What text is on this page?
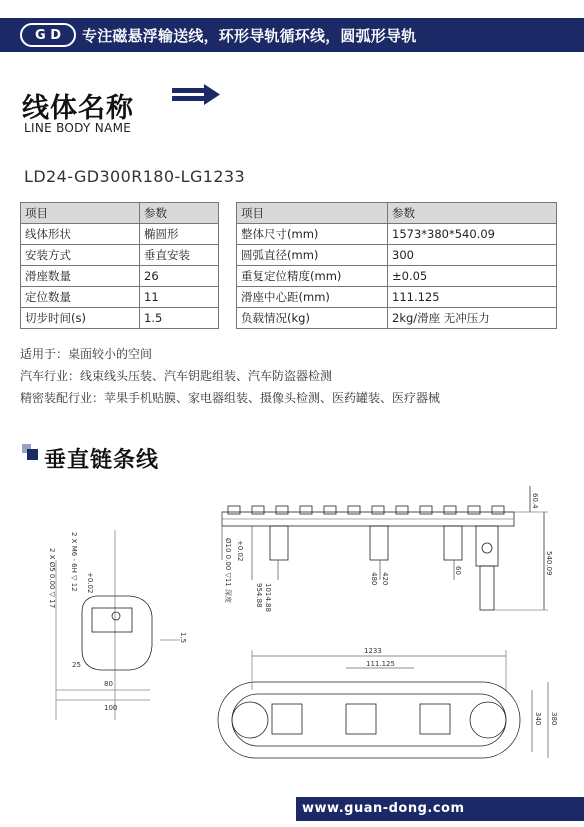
G D 专注磁悬浮输送线，环形导轨循环线，圆弧形导轨
线体名称
LINE BODY NAME
LD24-GD300R180-LG1233
项目	参数
线体形状	椭圆形
安装方式	垂直安装
滑座数量	26
定位数量	11
切步时间(s)	1.5
项目	参数
整体尺寸(mm)	1573*380*540.09
圆弧直径(mm)	300
重复定位精度(mm)	±0.05
滑座中心距(mm)	111.125
负载情况(kg)	2kg/滑座 无冲压力
适用于：桌面较小的空间
汽车行业：线束线头压装、汽车钥匙组装、汽车防盗器检测
精密装配行业：苹果手机贴膜、家电器组装、摄像头检测、医药罐装、医疗器械
垂直链条线
60.4
540.09
954.88 1014.88
480 420
60
1233
111.125
340 380
25
80
100
2 X M6 - 6H ▽ 12
2 X Ø5 0.00 ▽ 17	+0.02	Ø10 0.00 ▽11 深度 +0.02
1.5
www.guan-dong.com
